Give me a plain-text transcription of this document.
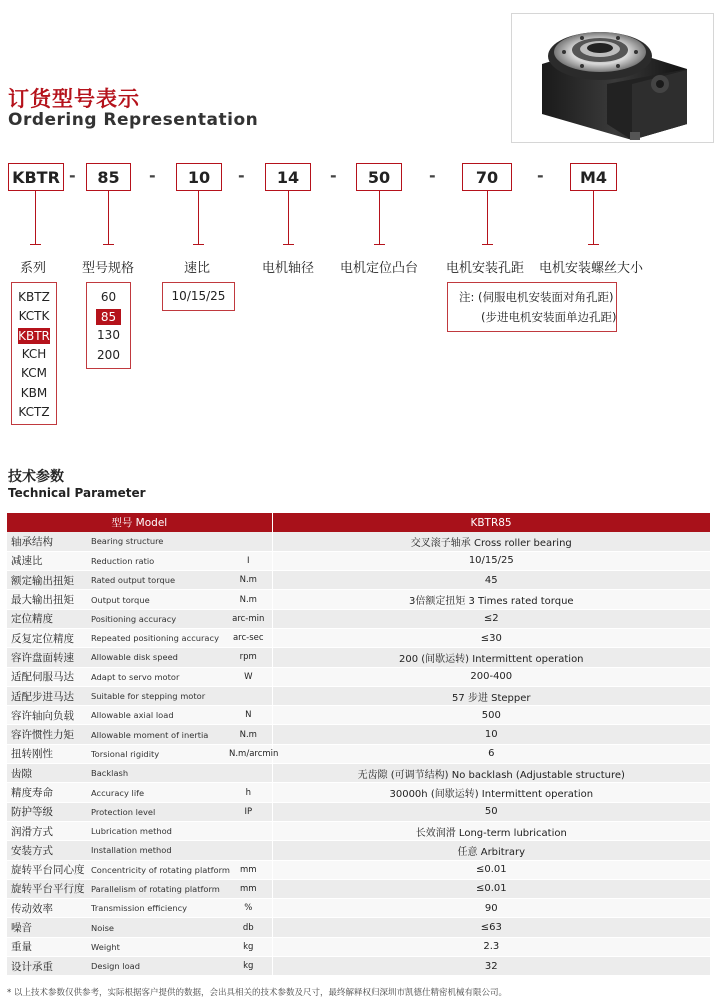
订货型号表示
Ordering Representation
KBTR -	85	-	10	-	14	-	50	-	70	-	M4
系列	型号规格	速比	电机轴径 电机定位凸台 电机安装孔距 电机安装螺丝大小
KBTZ
KCTK
KBTR
KCH
KCM
KBM
KCTZ
60
85
130
200
10/15/25	注: (伺服电机安装面对角孔距)
(步进电机安装面单边孔距)
技术参数
Technical Parameter
型号 Model			KBTR85
轴承结构	Bearing structure		交叉滚子轴承 Cross roller bearing
减速比	Reduction ratio	I	10/15/25
额定输出扭矩	Rated output torque	N.m	45
最大输出扭矩	Output torque	N.m	3倍额定扭矩 3 Times rated torque
定位精度	Positioning accuracy	arc-min	≤2
反复定位精度	Repeated positioning accuracy	arc-sec	≤30
容许盘面转速	Allowable disk speed	rpm	200 (间歇运转) Intermittent operation
适配伺服马达	Adapt to servo motor	W	200-400
适配步进马达	Suitable for stepping motor		57 步进 Stepper
容许轴向负载	Allowable axial load	N	500
容许惯性力矩	Allowable moment of inertia	N.m	10
扭转刚性	Torsional rigidity	N.m/arcmin	6
齿隙	Backlash		无齿隙 (可调节结构) No backlash (Adjustable structure)
精度寿命	Accuracy life	h	30000h (间歇运转) Intermittent operation
防护等级	Protection level	IP	50
润滑方式	Lubrication method		长效润滑 Long-term lubrication
安装方式	Installation method		任意 Arbitrary
旋转平台同心度	Concentricity of rotating platform	mm	≤0.01
旋转平台平行度	Parallelism of rotating platform	mm	≤0.01
传动效率	Transmission efficiency	%	90
噪音	Noise	db	≤63
重量	Weight	kg	2.3
设计承重	Design load	kg	32
* 以上技术参数仅供参考，实际根据客户提供的数据，会出具相关的技术参数及尺寸，最终解释权归深圳市凯德仕精密机械有限公司。
